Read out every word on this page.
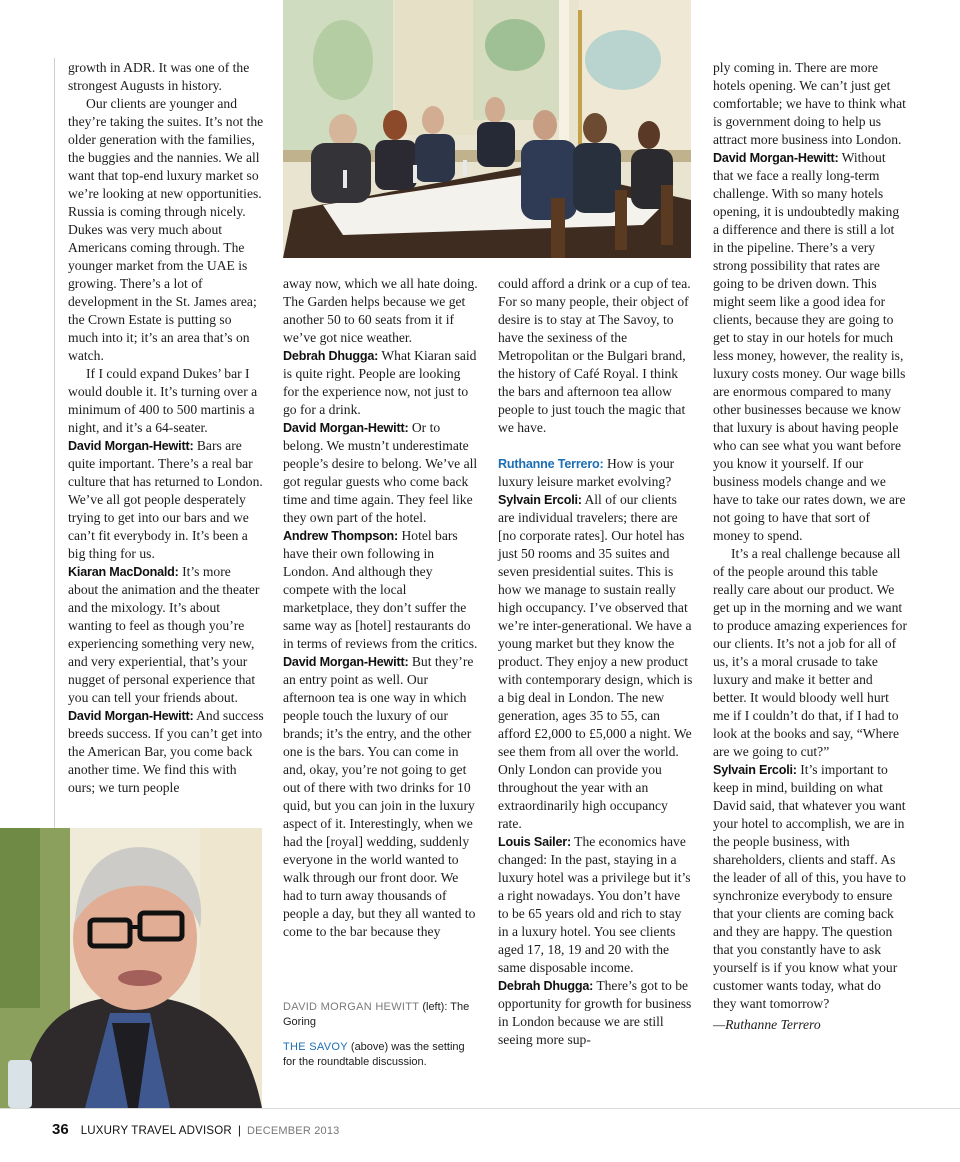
growth in ADR. It was one of the strongest Augusts in history.

Our clients are younger and they’re taking the suites. It’s not the older generation with the families, the buggies and the nannies. We all want that top-end luxury market so we’re looking at new opportunities. Russia is coming through nicely. Dukes was very much about Americans coming through. The younger market from the UAE is growing. There’s a lot of development in the St. James area; the Crown Estate is putting so much into it; it’s an area that’s on watch.

If I could expand Dukes’ bar I would double it. It’s turning over a minimum of 400 to 500 martinis a night, and it’s a 64-seater.

David Morgan-Hewitt: Bars are quite important. There’s a real bar culture that has returned to London. We’ve all got people desperately trying to get into our bars and we can’t fit everybody in. It’s been a big thing for us.

Kiaran MacDonald: It’s more about the animation and the theater and the mixology. It’s about wanting to feel as though you’re experiencing something very new, and very experiential, that’s your nugget of personal experience that you can tell your friends about.

David Morgan-Hewitt: And success breeds success. If you can’t get into the American Bar, you come back another time. We find this with ours; we turn people

away now, which we all hate doing. The Garden helps because we get another 50 to 60 seats from it if we’ve got nice weather.

Debrah Dhugga: What Kiaran said is quite right. People are looking for the experience now, not just to go for a drink.

David Morgan-Hewitt: Or to belong. We mustn’t underestimate people’s desire to belong. We’ve all got regular guests who come back time and time again. They feel like they own part of the hotel.

Andrew Thompson: Hotel bars have their own following in London. And although they compete with the local marketplace, they don’t suffer the same way as [hotel] restaurants do in terms of reviews from the critics.

David Morgan-Hewitt: But they’re an entry point as well. Our afternoon tea is one way in which people touch the luxury of our brands; it’s the entry, and the other one is the bars. You can come in and, okay, you’re not going to get out of there with two drinks for 10 quid, but you can join in the luxury aspect of it. Interestingly, when we had the [royal] wedding, suddenly everyone in the world wanted to walk through our front door. We had to turn away thousands of people a day, but they all wanted to come to the bar because they

could afford a drink or a cup of tea. For so many people, their object of desire is to stay at The Savoy, to have the sexiness of the Metropolitan or the Bulgari brand, the history of Café Royal. I think the bars and afternoon tea allow people to just touch the magic that we have.

Ruthanne Terrero: How is your luxury leisure market evolving?

Sylvain Ercoli: All of our clients are individual travelers; there are [no corporate rates]. Our hotel has just 50 rooms and 35 suites and seven presidential suites. This is how we manage to sustain really high occupancy. I’ve observed that we’re inter-generational. We have a young market but they know the product. They enjoy a new product with contemporary design, which is a big deal in London. The new generation, ages 35 to 55, can afford £2,000 to £5,000 a night. We see them from all over the world. Only London can provide you throughout the year with an extraordinarily high occupancy rate.

Louis Sailer: The economics have changed: In the past, staying in a luxury hotel was a privilege but it’s a right nowadays. You don’t have to be 65 years old and rich to stay in a luxury hotel. You see clients aged 17, 18, 19 and 20 with the same disposable income.

Debrah Dhugga: There’s got to be opportunity for growth for business in London because we are still seeing more sup-

ply coming in. There are more hotels opening. We can’t just get comfortable; we have to think what is government doing to help us attract more business into London.

David Morgan-Hewitt: Without that we face a really long-term challenge. With so many hotels opening, it is undoubtedly making a difference and there is still a lot in the pipeline. There’s a very strong possibility that rates are going to be driven down. This might seem like a good idea for clients, because they are going to get to stay in our hotels for much less money, however, the reality is, luxury costs money. Our wage bills are enormous compared to many other businesses because we know that luxury is about having people who can see what you want before you know it yourself. If our business models change and we have to take our rates down, we are not going to have that sort of money to spend.

It’s a real challenge because all of the people around this table really care about our product. We get up in the morning and we want to produce amazing experiences for our clients. It’s not a job for all of us, it’s a moral crusade to take luxury and make it better and better. It would bloody well hurt me if I couldn’t do that, if I had to look at the books and say, “Where are we going to cut?”

Sylvain Ercoli: It’s important to keep in mind, building on what David said, that whatever you want your hotel to accomplish, we are in the people business, with shareholders, clients and staff. As the leader of all of this, you have to synchronize everybody to ensure that your clients are coming back and they are happy. The question that you constantly have to ask yourself is if you know what your customer wants today, what do they want tomorrow?

—Ruthanne Terrero

DAVID MORGAN HEWITT (left): The Goring

THE SAVOY (above) was the setting for the roundtable discussion.

36 LUXURY TRAVEL ADVISOR | DECEMBER 2013
